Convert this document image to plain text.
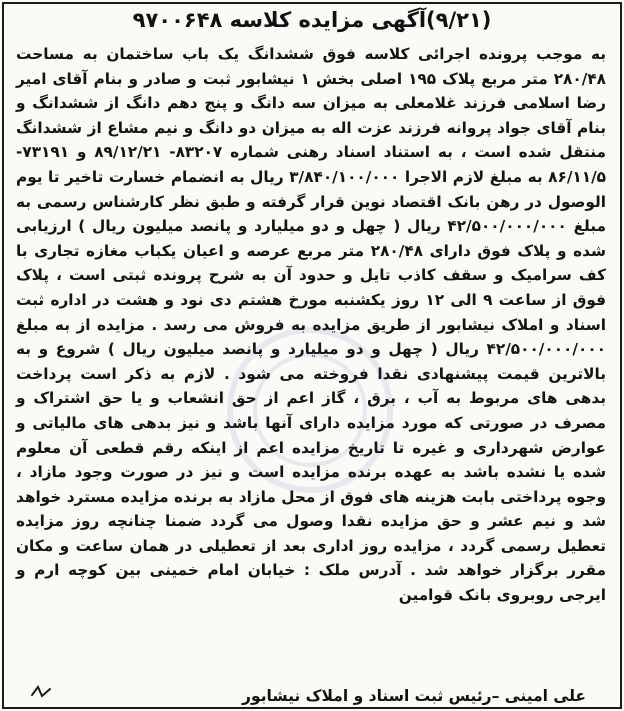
(۹/۲۱)آگهی مزایده کلاسه ۹۷۰۰۶۴۸
به موجب پرونده اجرائی کلاسه فوق ششدانگ یک باب ساختمان به مساحت ۲۸۰/۴۸ متر مربع پلاک ۱۹۵ اصلی بخش ۱ نیشابور ثبت و صادر و بنام آقای امیر رضا اسلامی فرزند غلامعلی به میزان سه دانگ و پنج دهم دانگ از ششدانگ و بنام آقای جواد پروانه فرزند عزت اله به میزان دو دانگ و نیم مشاع از ششدانگ منتقل شده است ، به استناد اسناد رهنی شماره ۸۳۲۰۷- ۸۹/۱۲/۲۱ و ۷۳۱۹۱- ۸۶/۱۱/۵ به مبلغ لازم الاجرا ۳/۸۴۰/۱۰۰/۰۰۰ ریال به انضمام خسارت تاخیر تا یوم الوصول در رهن بانک اقتصاد نوین قرار گرفته و طبق نظر کارشناس رسمی به مبلغ ۴۲/۵۰۰/۰۰۰/۰۰۰ ریال ( چهل و دو میلیارد و پانصد میلیون ریال ) ارزیابی شده و پلاک فوق دارای ۲۸۰/۴۸ متر مربع عرصه و اعیان یکباب مغازه تجاری با کف سرامیک و سقف کاذب تایل و حدود آن به شرح پرونده ثبتی است ، پلاک فوق از ساعت ۹ الی ۱۲ روز یکشنبه مورخ هشتم دی نود و هشت در اداره ثبت اسناد و املاک نیشابور از طریق مزایده به فروش می رسد . مزایده از به مبلغ ۴۲/۵۰۰/۰۰۰/۰۰۰ ریال ( چهل و دو میلیارد و پانصد میلیون ریال ) شروع و به بالاترین قیمت پیشنهادی نقدا فروخته می شود . لازم به ذکر است پرداخت بدهی های مربوط به آب ، برق ، گاز اعم از حق انشعاب و یا حق اشتراک و مصرف در صورتی که مورد مزایده دارای آنها باشد و نیز بدهی های مالیاتی و عوارض شهرداری و غیره تا تاریخ مزایده اعم از اینکه رقم قطعی آن معلوم شده یا نشده باشد به عهده برنده مزایده است و نیز در صورت وجود مازاد ، وجوه پرداختی بابت هزینه های فوق از محل مازاد به برنده مزایده مسترد خواهد شد و نیم عشر و حق مزایده نقدا وصول می گردد ضمنا چنانچه روز مزایده تعطیل رسمی گردد ، مزایده روز اداری بعد از تعطیلی در همان ساعت و مکان مقرر برگزار خواهد شد . آدرس ملک : خیابان امام خمینی بین کوچه ارم و ایرجی روبروی بانک قوامین
علی امینی –رئیس ثبت اسناد و املاک نیشابور
